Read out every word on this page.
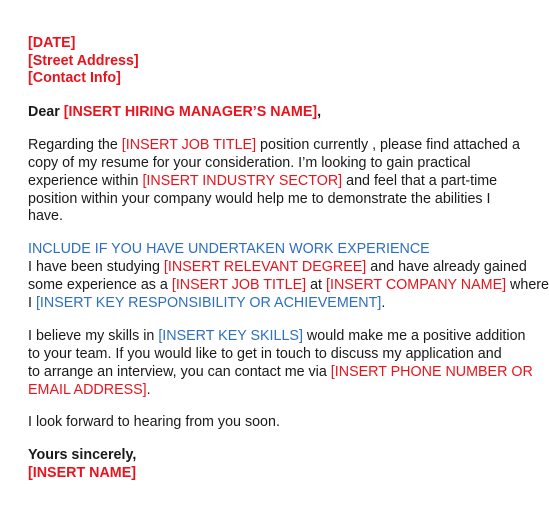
[DATE]
[Street Address]
[Contact Info]
Dear [INSERT HIRING MANAGER’S NAME],
Regarding the [INSERT JOB TITLE] position currently , please find attached a
copy of my resume for your consideration. I’m looking to gain practical
experience within [INSERT INDUSTRY SECTOR] and feel that a part-time
position within your company would help me to demonstrate the abilities I
have.
INCLUDE IF YOU HAVE UNDERTAKEN WORK EXPERIENCE
I have been studying [INSERT RELEVANT DEGREE] and have already gained
some experience as a [INSERT JOB TITLE] at [INSERT COMPANY NAME] where
I [INSERT KEY RESPONSIBILITY OR ACHIEVEMENT].
I believe my skills in [INSERT KEY SKILLS] would make me a positive addition
to your team. If you would like to get in touch to discuss my application and
to arrange an interview, you can contact me via [INSERT PHONE NUMBER OR
EMAIL ADDRESS].
I look forward to hearing from you soon.
Yours sincerely,
[INSERT NAME]
